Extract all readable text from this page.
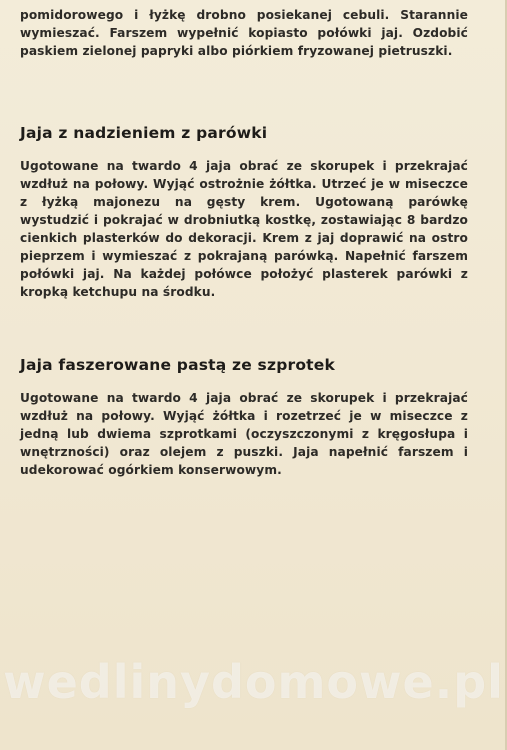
pomidorowego i łyżkę drobno posiekanej cebuli. Starannie wymieszać. Farszem wypełnić kopiasto połówki jaj. Ozdobić paskiem zielonej papryki albo piórkiem fryzowanej pietruszki.

Jaja z nadzieniem z parówki

Ugotowane na twardo 4 jaja obrać ze skorupek i przekrajać wzdłuż na połowy. Wyjąć ostrożnie żółtka. Utrzeć je w miseczce z łyżką majonezu na gęsty krem. Ugotowaną parówkę wystudzić i pokrajać w drobniutką kostkę, zostawiając 8 bardzo cienkich plasterków do dekoracji. Krem z jaj doprawić na ostro pieprzem i wymieszać z pokrajaną parówką. Napełnić farszem połówki jaj. Na każdej połówce położyć plasterek parówki z kropką ketchupu na środku.

Jaja faszerowane pastą ze szprotek

Ugotowane na twardo 4 jaja obrać ze skorupek i przekrajać wzdłuż na połowy. Wyjąć żółtka i rozetrzeć je w miseczce z jedną lub dwiema szprotkami (oczyszczonymi z kręgosłupa i wnętrzności) oraz olejem z puszki. Jaja napełnić farszem i udekorować ogórkiem konserwowym.

wedlinydomowe.pl
